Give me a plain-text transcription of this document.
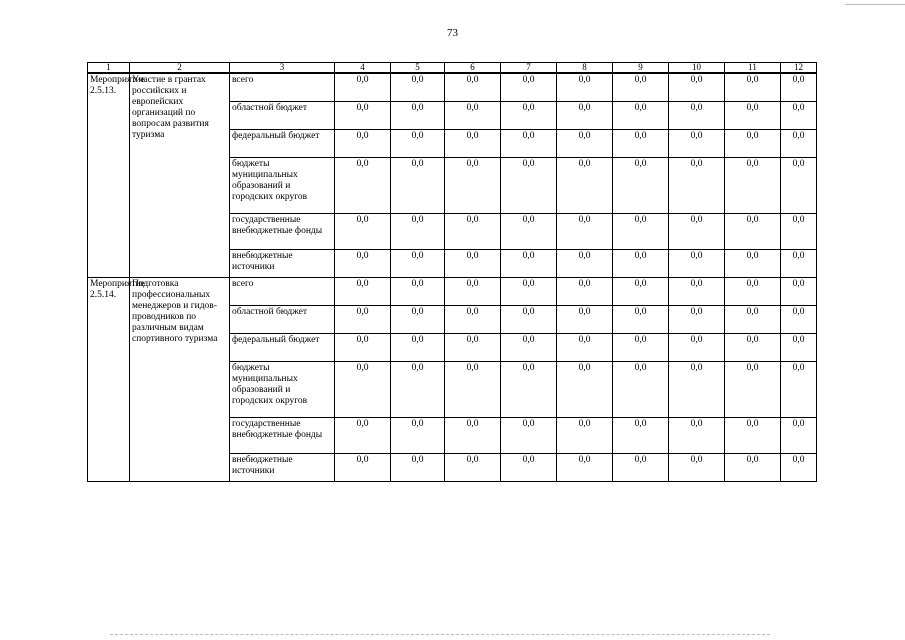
73
1	2	3	4	5	6	7	8	9	10	11	12
Мероприятие 2.5.13.	Участие в грантах российских и европейских организаций по вопросам развития туризма	всего	0,0	0,0	0,0	0,0	0,0	0,0	0,0	0,0	0,0
		областной бюджет	0,0	0,0	0,0	0,0	0,0	0,0	0,0	0,0	0,0
		федеральный бюджет	0,0	0,0	0,0	0,0	0,0	0,0	0,0	0,0	0,0
		бюджеты муниципальных образований и городских округов	0,0	0,0	0,0	0,0	0,0	0,0	0,0	0,0	0,0
		государственные внебюджетные фонды	0,0	0,0	0,0	0,0	0,0	0,0	0,0	0,0	0,0
		внебюджетные источники	0,0	0,0	0,0	0,0	0,0	0,0	0,0	0,0	0,0
Мероприятие 2.5.14.	Подготовка профессиональных менеджеров и гидов-проводников по различным видам спортивного туризма	всего	0,0	0,0	0,0	0,0	0,0	0,0	0,0	0,0	0,0
		областной бюджет	0,0	0,0	0,0	0,0	0,0	0,0	0,0	0,0	0,0
		федеральный бюджет	0,0	0,0	0,0	0,0	0,0	0,0	0,0	0,0	0,0
		бюджеты муниципальных образований и городских округов	0,0	0,0	0,0	0,0	0,0	0,0	0,0	0,0	0,0
		государственные внебюджетные фонды	0,0	0,0	0,0	0,0	0,0	0,0	0,0	0,0	0,0
		внебюджетные источники	0,0	0,0	0,0	0,0	0,0	0,0	0,0	0,0	0,0
